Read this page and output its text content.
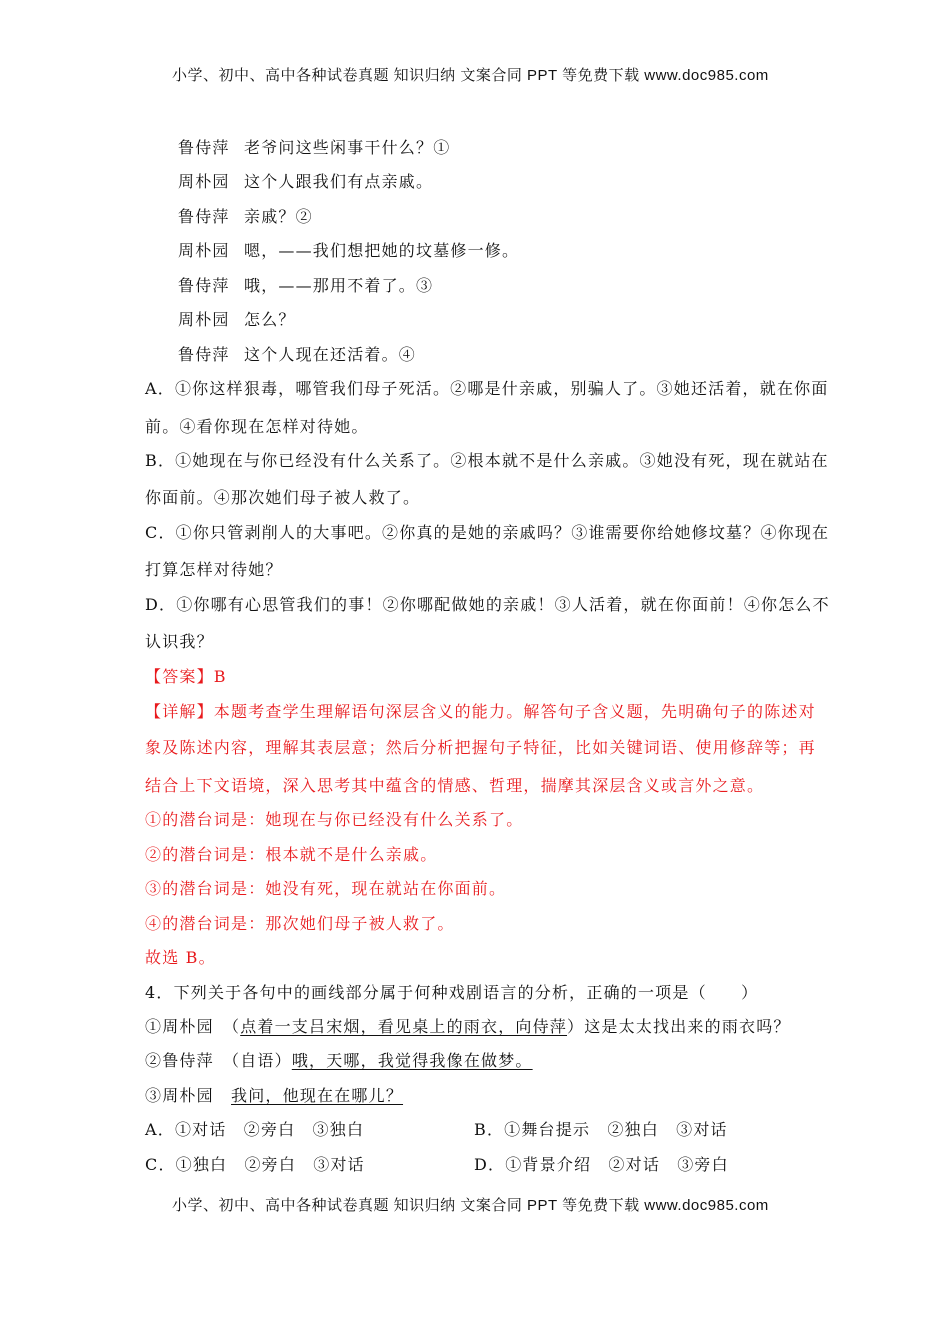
小学、初中、高中各种试卷真题 知识归纳 文案合同 PPT 等免费下载 www.doc985.com
鲁侍萍 老爷问这些闲事干什么？①
周朴园 这个人跟我们有点亲戚。
鲁侍萍 亲戚？②
周朴园 嗯，——我们想把她的坟墓修一修。
鲁侍萍 哦，——那用不着了。③
周朴园 怎么？
鲁侍萍 这个人现在还活着。④
A．①你这样狠毒，哪管我们母子死活。②哪是什亲戚，别骗人了。③她还活着，就在你面
前。④看你现在怎样对待她。
B．①她现在与你已经没有什么关系了。②根本就不是什么亲戚。③她没有死，现在就站在
你面前。④那次她们母子被人救了。
C．①你只管剥削人的大事吧。②你真的是她的亲戚吗？③谁需要你给她修坟墓？④你现在
打算怎样对待她？
D．①你哪有心思管我们的事！②你哪配做她的亲戚！③人活着，就在你面前！④你怎么不
认识我？
【答案】B
【详解】本题考查学生理解语句深层含义的能力。解答句子含义题，先明确句子的陈述对
象及陈述内容，理解其表层意；然后分析把握句子特征，比如关键词语、使用修辞等；再
结合上下文语境，深入思考其中蕴含的情感、哲理，揣摩其深层含义或言外之意。
①的潜台词是：她现在与你已经没有什么关系了。
②的潜台词是：根本就不是什么亲戚。
③的潜台词是：她没有死，现在就站在你面前。
④的潜台词是：那次她们母子被人救了。
故选 B。
4．下列关于各句中的画线部分属于何种戏剧语言的分析，正确的一项是（　　）
①周朴园　（点着一支吕宋烟，看见桌上的雨衣，向侍萍）这是太太找出来的雨衣吗？
②鲁侍萍　（自语）哦，天哪，我觉得我像在做梦。
③周朴园　我问，他现在在哪儿？
A．①对话　②旁白　③独白	B．①舞台提示　②独白　③对话
C．①独白　②旁白　③对话	D．①背景介绍　②对话　③旁白
小学、初中、高中各种试卷真题 知识归纳 文案合同 PPT 等免费下载 www.doc985.com
